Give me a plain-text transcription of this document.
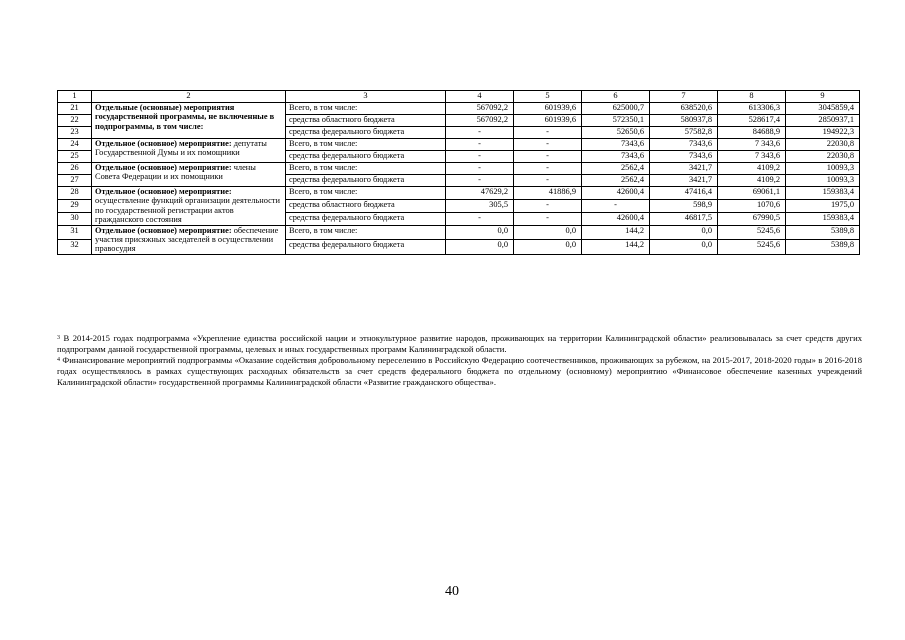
1	2	3	4	5	6	7	8	9
21	Отдельные (основные) мероприятия государственной программы, не включенные в подпрограммы, в том числе:	Всего, в том числе:	567092,2	601939,6	625000,7	638520,6	613306,3	3045859,4
22		средства областного бюджета	567092,2	601939,6	572350,1	580937,8	528617,4	2850937,1
23		средства федерального бюджета	-	-	52650,6	57582,8	84688,9	194922,3
24	Отдельное (основное) мероприятие: депутаты Государственной Думы и их помощники	Всего, в том числе:	-	-	7343,6	7343,6	7 343,6	22030,8
25		средства федерального бюджета	-	-	7343,6	7343,6	7 343,6	22030,8
26	Отдельное (основное) мероприятие: члены Совета Федерации и их помощники	Всего, в том числе:	-	-	2562,4	3421,7	4109,2	10093,3
27		средства федерального бюджета	-	-	2562,4	3421,7	4109,2	10093,3
28	Отдельное (основное) мероприятие: осуществление функций организации деятельности по государственной регистрации актов гражданского состояния	Всего, в том числе:	47629,2	41886,9	42600,4	47416,4	69061,1	159383,4
29		средства областного бюджета	305,5	-	-	598,9	1070,6	1975,0
30		средства федерального бюджета	-	-	42600,4	46817,5	67990,5	159383,4
31	Отдельное (основное) мероприятие: обеспечение участия присяжных заседателей в осуществлении правосудия	Всего, в том числе:	0,0	0,0	144,2	0,0	5245,6	5389,8
32		средства федерального бюджета	0,0	0,0	144,2	0,0	5245,6	5389,8

$^3$ В 2014-2015 годах подпрограмма «Укрепление единства российской нации и этнокультурное развитие народов, проживающих на территории Калининградской области» реализовывалась за счет средств других подпрограмм данной государственной программы, целевых и иных государственных программ Калининградской области.

$^4$ Финансирование мероприятий подпрограммы «Оказание содействия добровольному переселению в Российскую Федерацию соотечественников, проживающих за рубежом, на 2015-2017, 2018-2020 годы» в 2016-2018 годах осуществлялось в рамках существующих расходных обязательств за счет средств федерального бюджета по отдельному (основному) мероприятию «Финансовое обеспечение казенных учреждений Калининградской области» государственной программы Калининградской области «Развитие гражданского общества».

40
